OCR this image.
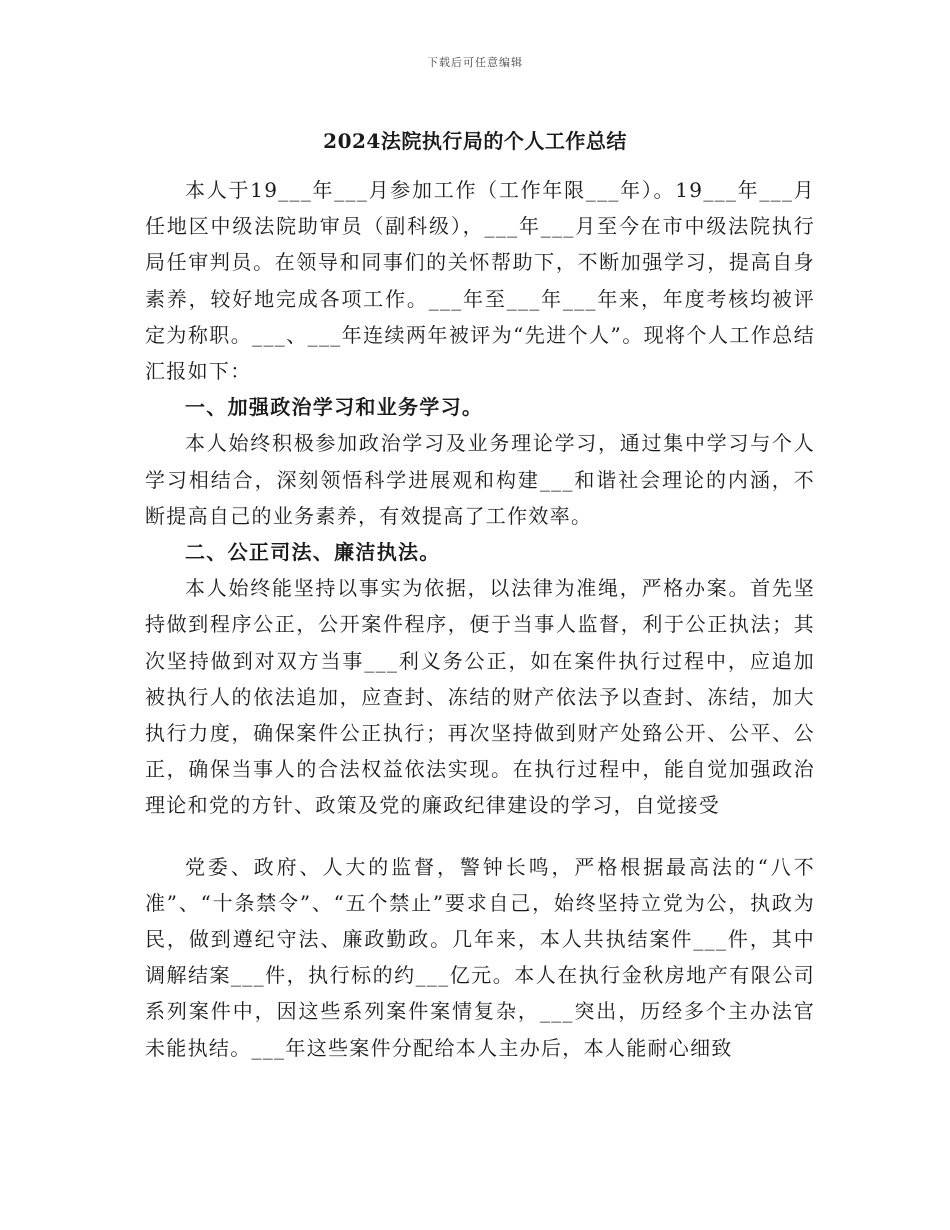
下载后可任意编辑
2024法院执行局的个人工作总结

本人于19___年___月参加工作（工作年限___年）。19___年___月任地区中级法院助审员（副科级），___年___月至今在市中级法院执行局任审判员。在领导和同事们的关怀帮助下，不断加强学习，提高自身素养，较好地完成各项工作。___年至___年___年来，年度考核均被评定为称职。___、___年连续两年被评为“先进个人”。现将个人工作总结汇报如下：

一、加强政治学习和业务学习。

本人始终积极参加政治学习及业务理论学习，通过集中学习与个人学习相结合，深刻领悟科学进展观和构建___和谐社会理论的内涵，不断提高自己的业务素养，有效提高了工作效率。

二、公正司法、廉洁执法。

本人始终能坚持以事实为依据，以法律为准绳，严格办案。首先坚持做到程序公正，公开案件程序，便于当事人监督，利于公正执法；其次坚持做到对双方当事___利义务公正，如在案件执行过程中，应追加被执行人的依法追加，应查封、冻结的财产依法予以查封、冻结，加大执行力度，确保案件公正执行；再次坚持做到财产处臵公开、公平、公正，确保当事人的合法权益依法实现。在执行过程中，能自觉加强政治理论和党的方针、政策及党的廉政纪律建设的学习，自觉接受

党委、政府、人大的监督，警钟长鸣，严格根据最高法的“八不准”、“十条禁令”、“五个禁止”要求自己，始终坚持立党为公，执政为民，做到遵纪守法、廉政勤政。几年来，本人共执结案件___件，其中调解结案___件，执行标的约___亿元。本人在执行金秋房地产有限公司系列案件中，因这些系列案件案情复杂，___突出，历经多个主办法官未能执结。___年这些案件分配给本人主办后，本人能耐心细致
